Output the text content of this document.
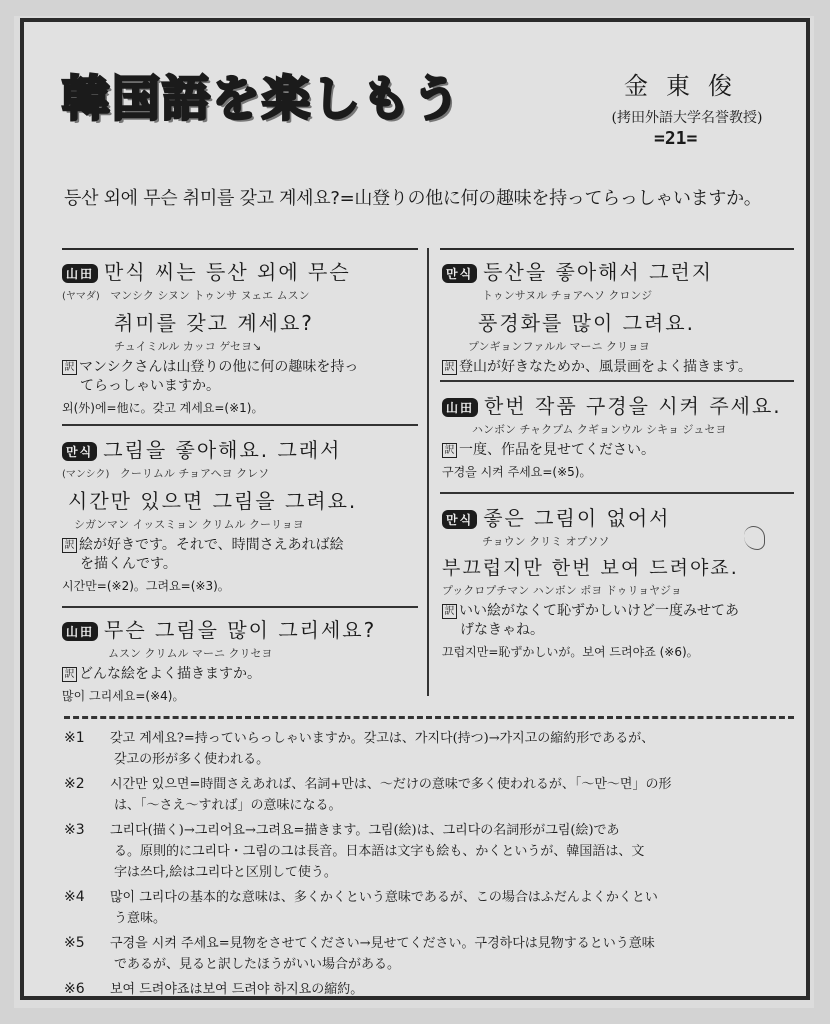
韓国語を楽しもう	金東俊
(拷田外語大学名誉教授)
=21=
등산 외에 무슨 취미를 갖고 계세요?=山登りの他に何の趣味を持ってらっしゃいますか。
山田 만식 씨는 등산 외에 무슨
(ヤマダ) マンシク シヌン トゥンサ ヌェエ ムスン
취미를 갖고 계세요?
チュイミルル カッコ ゲセヨ↘
訳 マンシクさんは山登りの他に何の趣味を持っ
てらっしゃいますか。
외(外)에=他に。갖고 계세요=(※1)。
만식 그림을 좋아해요. 그래서
(マンシク) クーリムル チョアヘヨ クレソ
시간만 있으면 그림을 그려요.
シガンマン イッスミョン クリムル クーリョヨ
訳 絵が好きです。それで、時間さえあれば絵
を描くんです。
시간만=(※2)。그려요=(※3)。
山田 무슨 그림을 많이 그리세요?
ムスン クリムル マーニ クリセヨ
訳 どんな絵をよく描きますか。
많이 그리세요=(※4)。
만식 등산을 좋아해서 그런지
トゥンサヌル チョアヘソ クロンジ
풍경화를 많이 그려요.
プンギョンファルル マーニ クリョヨ
訳 登山が好きなためか、風景画をよく描きます。
山田 한번 작품 구경을 시켜 주세요.
ハンボン チャクプム クギョンウル シキョ ジュセヨ
訳 一度、作品を見せてください。
구경을 시켜 주세요=(※5)。
만식 좋은 그림이 없어서
チョウン クリミ オプソソ
부끄럽지만 한번 보여 드려야죠.
プックロプチマン ハンボン ポヨ ドゥリョヤジョ
訳 いい絵がなくて恥ずかしいけど一度みせてあ
げなきゃね。
끄럽지만=恥ずかしいが。보여 드려야죠 (※6)。
※1	갖고 계세요?=持っていらっしゃいますか。갖고は、가지다(持つ)→가지고の縮約形であるが、
갖고の形が多く使われる。
※2	시간만 있으면=時間さえあれば、名詞+만は、〜だけの意味で多く使われるが、「〜만〜면」の形
は、「〜さえ〜すれば」の意味になる。
※3	그리다(描く)→그리어요→그려요=描きます。그림(絵)は、그리다の名詞形が그림(絵)であ
る。原則的に그리다・그림の그は長音。日本語は文字も絵も、かくというが、韓国語は、文
字は쓰다,絵は그리다と区別して使う。
※4	많이 그리다の基本的な意味は、多くかくという意味であるが、この場合はふだんよくかくとい
う意味。
※5	구경을 시켜 주세요=見物をさせてください→見せてください。구경하다は見物するという意味
であるが、見ると訳したほうがいい場合がある。
※6	보여 드려야죠は보여 드려야 하지요の縮約。
